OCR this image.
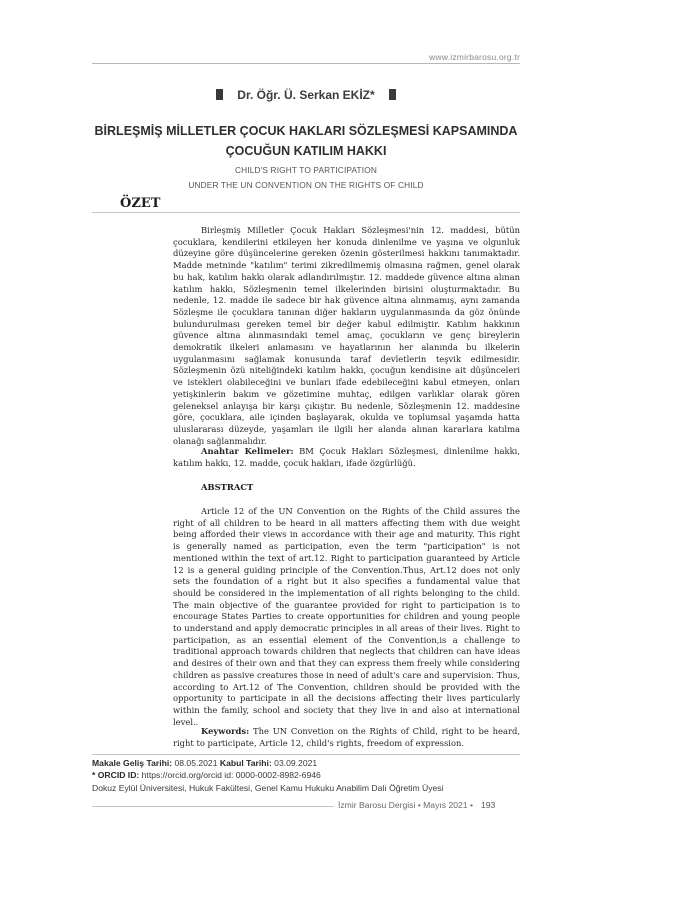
www.izmirbarosu.org.tr
Dr. Öğr. Ü. Serkan EKİZ*
BİRLEŞMİŞ MİLLETLER ÇOCUK HAKLARI SÖZLEŞMESİ KAPSAMINDA
ÇOCUĞUN KATILIM HAKKI
CHILD'S RIGHT TO PARTICIPATION
UNDER THE UN CONVENTION ON THE RIGHTS OF CHILD
ÖZET

Birleşmiş Milletler Çocuk Hakları Sözleşmesi'nin 12. maddesi, bütün çocuklara, kendilerini etkileyen her konuda dinlenilme ve yaşına ve olgunluk düzeyine göre düşüncelerine gereken özenin gösterilmesi hakkını tanımaktadır. Madde metninde "katılım" terimi zikredilmemiş olmasına rağmen, genel olarak bu hak, katılım hakkı olarak adlandırılmıştır. 12. maddede güvence altına alınan katılım hakkı, Sözleşmenin temel ilkelerinden birisini oluşturmaktadır. Bu nedenle, 12. madde ile sadece bir hak güvence altına alınmamış, aynı zamanda Sözleşme ile çocuklara tanınan diğer hakların uygulanmasında da göz önünde bulundurulması gereken temel bir değer kabul edilmiştir. Katılım hakkının güvence altına alınmasındaki temel amaç, çocukların ve genç bireylerin demokratik ilkeleri anlamasını ve hayatlarının her alanında bu ilkelerin uygulanmasını sağlamak konusunda taraf devletlerin teşvik edilmesidir. Sözleşmenin özü niteliğindeki katılım hakkı, çocuğun kendisine ait düşünceleri ve istekleri olabileceğini ve bunları ifade edebileceğini kabul etmeyen, onları yetişkinlerin bakım ve gözetimine muhtaç, edilgen varlıklar olarak gören geleneksel anlayışa bir karşı çıkıştır. Bu nedenle, Sözleşmenin 12. maddesine göre, çocuklara, aile içinden başlayarak, okulda ve toplumsal yaşamda hatta uluslararası düzeyde, yaşamları ile ilgili her alanda alınan kararlara katılma olanağı sağlanmalıdır.

Anahtar Kelimeler: BM Çocuk Hakları Sözleşmesi, dinlenilme hakkı, katılım hakkı, 12. madde, çocuk hakları, ifade özgürlüğü.

ABSTRACT

Article 12 of the UN Convention on the Rights of the Child assures the right of all children to be heard in all matters affecting them with due weight being afforded their views in accordance with their age and maturity. This right is generally named as participation, even the term "participation" is not mentioned within the text of art.12. Right to participation guaranteed by Article 12 is a general guiding principle of the Convention.Thus, Art.12 does not only sets the foundation of a right but it also specifies a fundamental value that should be considered in the implementation of all rights belonging to the child. The main objective of the guarantee provided for right to participation is to encourage States Parties to create opportunities for children and young people to understand and apply democratic principles in all areas of their lives. Right to participation, as an essential element of the Convention,is a challenge to traditional approach towards children that neglects that children can have ideas and desires of their own and that they can express them freely while considering children as passive creatures those in need of adult's care and supervision. Thus, according to Art.12 of The Convention, children should be provided with the opportunity to participate in all the decisions affecting their lives particularly within the family, school and society that they live in and also at international level..

Keywords: The UN Convetion on the Rights of Child, right to be heard, right to participate, Article 12, child's rights, freedom of expression.

Makale Geliş Tarihi: 08.05.2021 Kabul Tarihi: 03.09.2021
* ORCID ID: https://orcid.org/orcid id: 0000-0002-8982-6946
Dokuz Eylül Üniversitesi, Hukuk Fakültesi, Genel Kamu Hukuku Anabilim Dalı Öğretim Üyesi
İzmir Barosu Dergisi • Mayıs 2021 • 193
